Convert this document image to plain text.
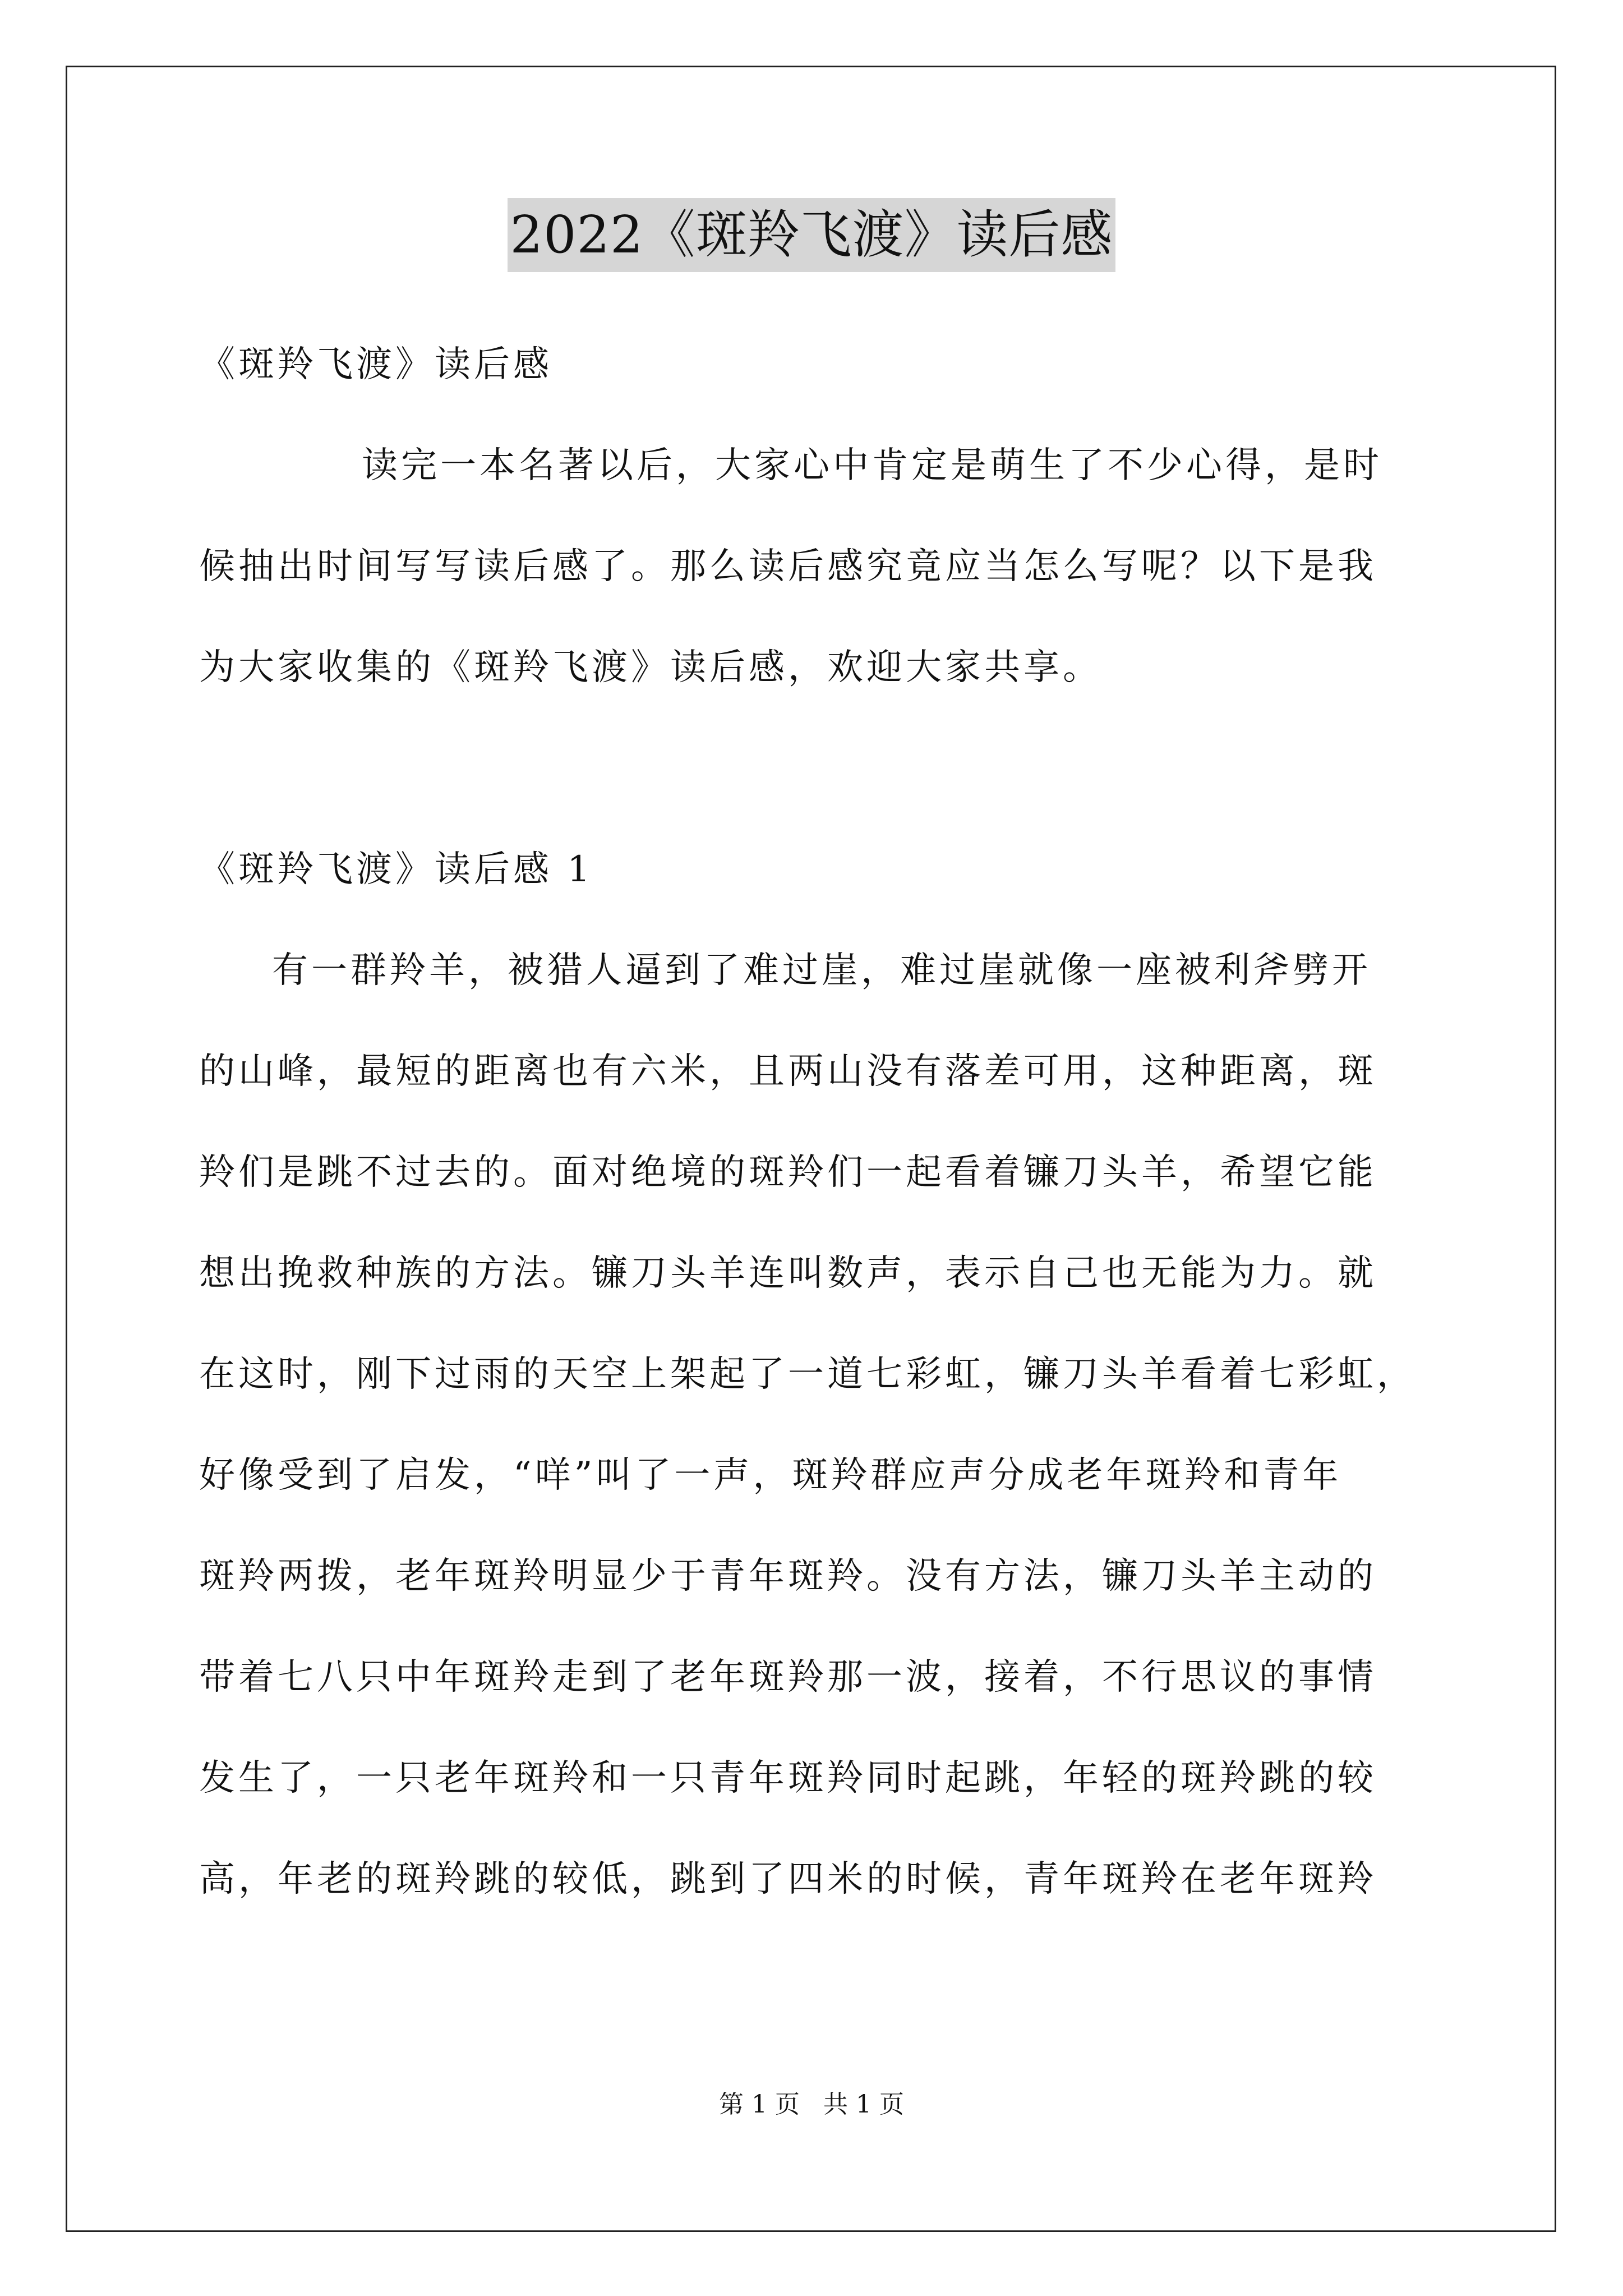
2022《斑羚飞渡》读后感
《斑羚飞渡》读后感
读完一本名著以后，大家心中肯定是萌生了不少心得，是时
候抽出时间写写读后感了。那么读后感究竟应当怎么写呢？以下是我
为大家收集的《斑羚飞渡》读后感，欢迎大家共享。
《斑羚飞渡》读后感 1
有一群羚羊，被猎人逼到了难过崖，难过崖就像一座被利斧劈开
的山峰，最短的距离也有六米，且两山没有落差可用，这种距离，斑
羚们是跳不过去的。面对绝境的斑羚们一起看着镰刀头羊，希望它能
想出挽救种族的方法。镰刀头羊连叫数声，表示自己也无能为力。就
在这时，刚下过雨的天空上架起了一道七彩虹，镰刀头羊看着七彩虹，
好像受到了启发，“咩”叫了一声，斑羚群应声分成老年斑羚和青年
斑羚两拨，老年斑羚明显少于青年斑羚。没有方法，镰刀头羊主动的
带着七八只中年斑羚走到了老年斑羚那一波，接着，不行思议的事情
发生了，一只老年斑羚和一只青年斑羚同时起跳，年轻的斑羚跳的较
高，年老的斑羚跳的较低，跳到了四米的时候，青年斑羚在老年斑羚
第 1 页 共 1 页
